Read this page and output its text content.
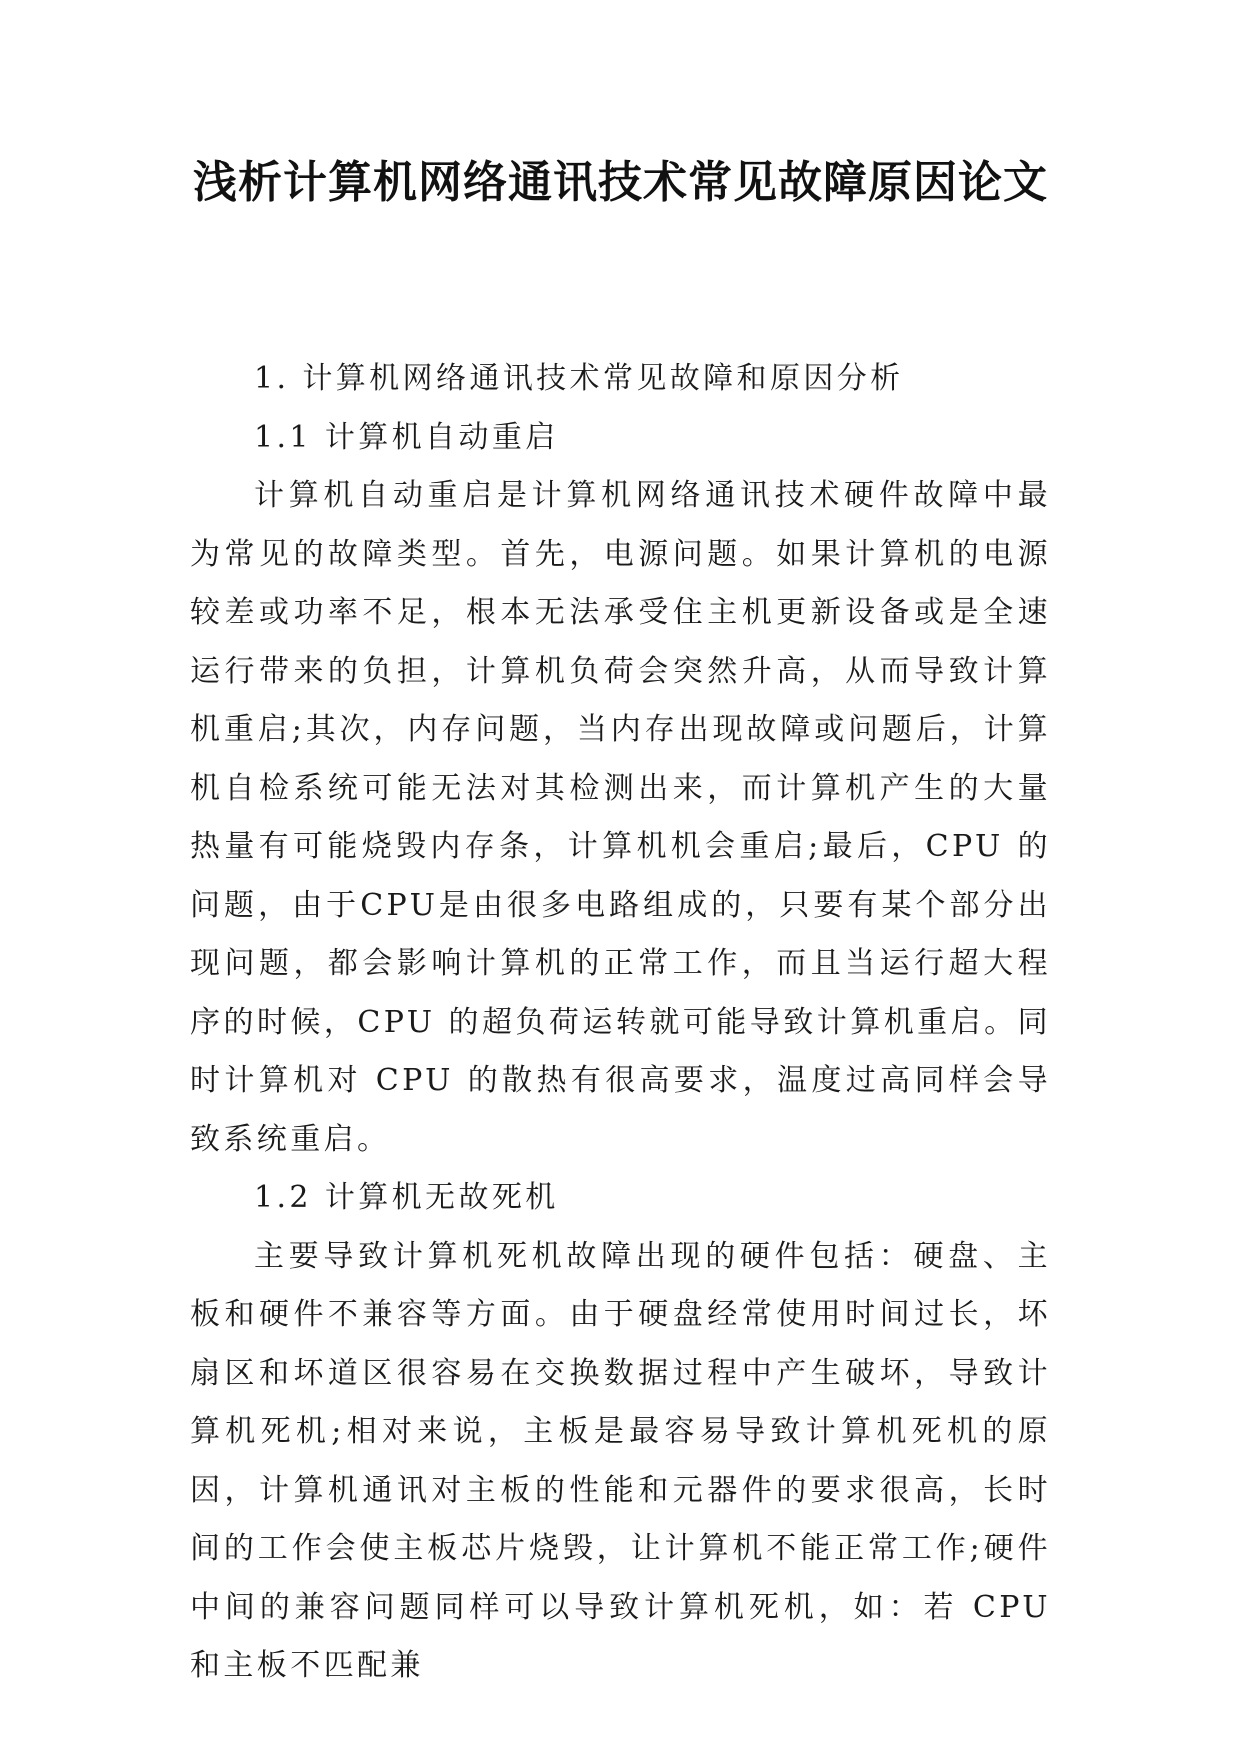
浅析计算机网络通讯技术常见故障原因论文

1. 计算机网络通讯技术常见故障和原因分析

1.1 计算机自动重启

计算机自动重启是计算机网络通讯技术硬件故障中最为常见的故障类型。首先，电源问题。如果计算机的电源较差或功率不足，根本无法承受住主机更新设备或是全速运行带来的负担，计算机负荷会突然升高，从而导致计算机重启;其次，内存问题，当内存出现故障或问题后，计算机自检系统可能无法对其检测出来，而计算机产生的大量热量有可能烧毁内存条，计算机机会重启;最后，CPU 的问题，由于CPU是由很多电路组成的，只要有某个部分出现问题，都会影响计算机的正常工作，而且当运行超大程序的时候，CPU 的超负荷运转就可能导致计算机重启。同时计算机对 CPU 的散热有很高要求，温度过高同样会导致系统重启。

1.2 计算机无故死机

主要导致计算机死机故障出现的硬件包括：硬盘、主板和硬件不兼容等方面。由于硬盘经常使用时间过长，坏扇区和坏道区很容易在交换数据过程中产生破坏，导致计算机死机;相对来说，主板是最容易导致计算机死机的原因，计算机通讯对主板的性能和元器件的要求很高，长时间的工作会使主板芯片烧毁，让计算机不能正常工作;硬件中间的兼容问题同样可以导致计算机死机，如：若 CPU 和主板不匹配兼
